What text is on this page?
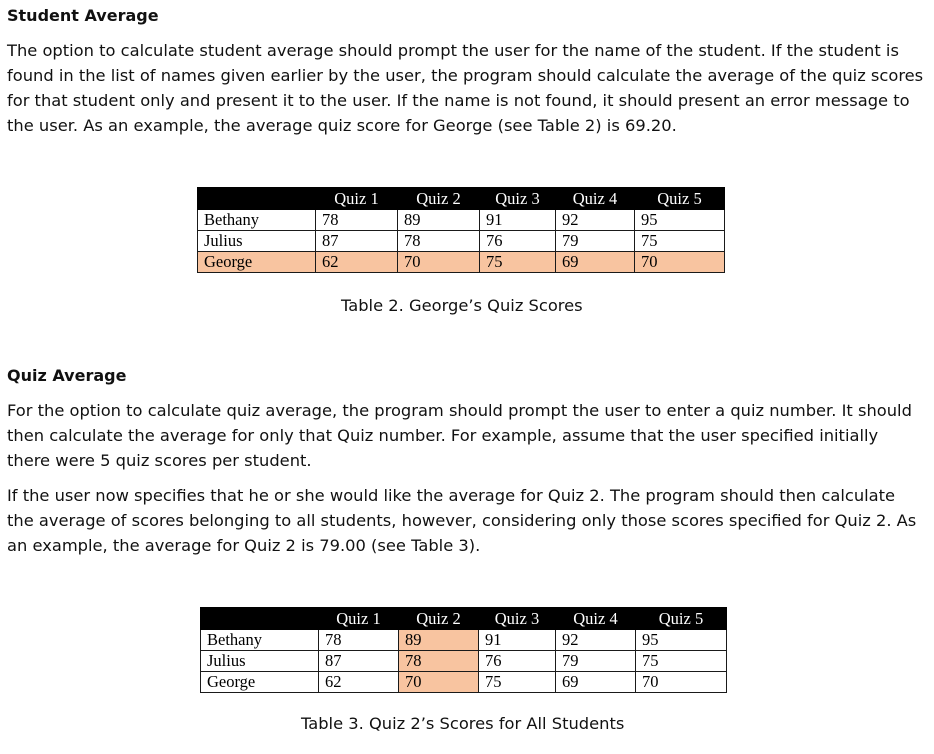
Student Average

The option to calculate student average should prompt the user for the name of the student. If the student is found in the list of names given earlier by the user, the program should calculate the average of the quiz scores for that student only and present it to the user. If the name is not found, it should present an error message to the user. As an example, the average quiz score for George (see Table 2) is 69.20.

	Quiz 1	Quiz 2	Quiz 3	Quiz 4	Quiz 5
Bethany	78	89	91	92	95
Julius	87	78	76	79	75
George	62	70	75	69	70

Table 2. George’s Quiz Scores

Quiz Average

For the option to calculate quiz average, the program should prompt the user to enter a quiz number. It should then calculate the average for only that Quiz number. For example, assume that the user specified initially there were 5 quiz scores per student.

If the user now specifies that he or she would like the average for Quiz 2. The program should then calculate the average of scores belonging to all students, however, considering only those scores specified for Quiz 2. As an example, the average for Quiz 2 is 79.00 (see Table 3).

	Quiz 1	Quiz 2	Quiz 3	Quiz 4	Quiz 5
Bethany	78	89	91	92	95
Julius	87	78	76	79	75
George	62	70	75	69	70

Table 3. Quiz 2’s Scores for All Students
